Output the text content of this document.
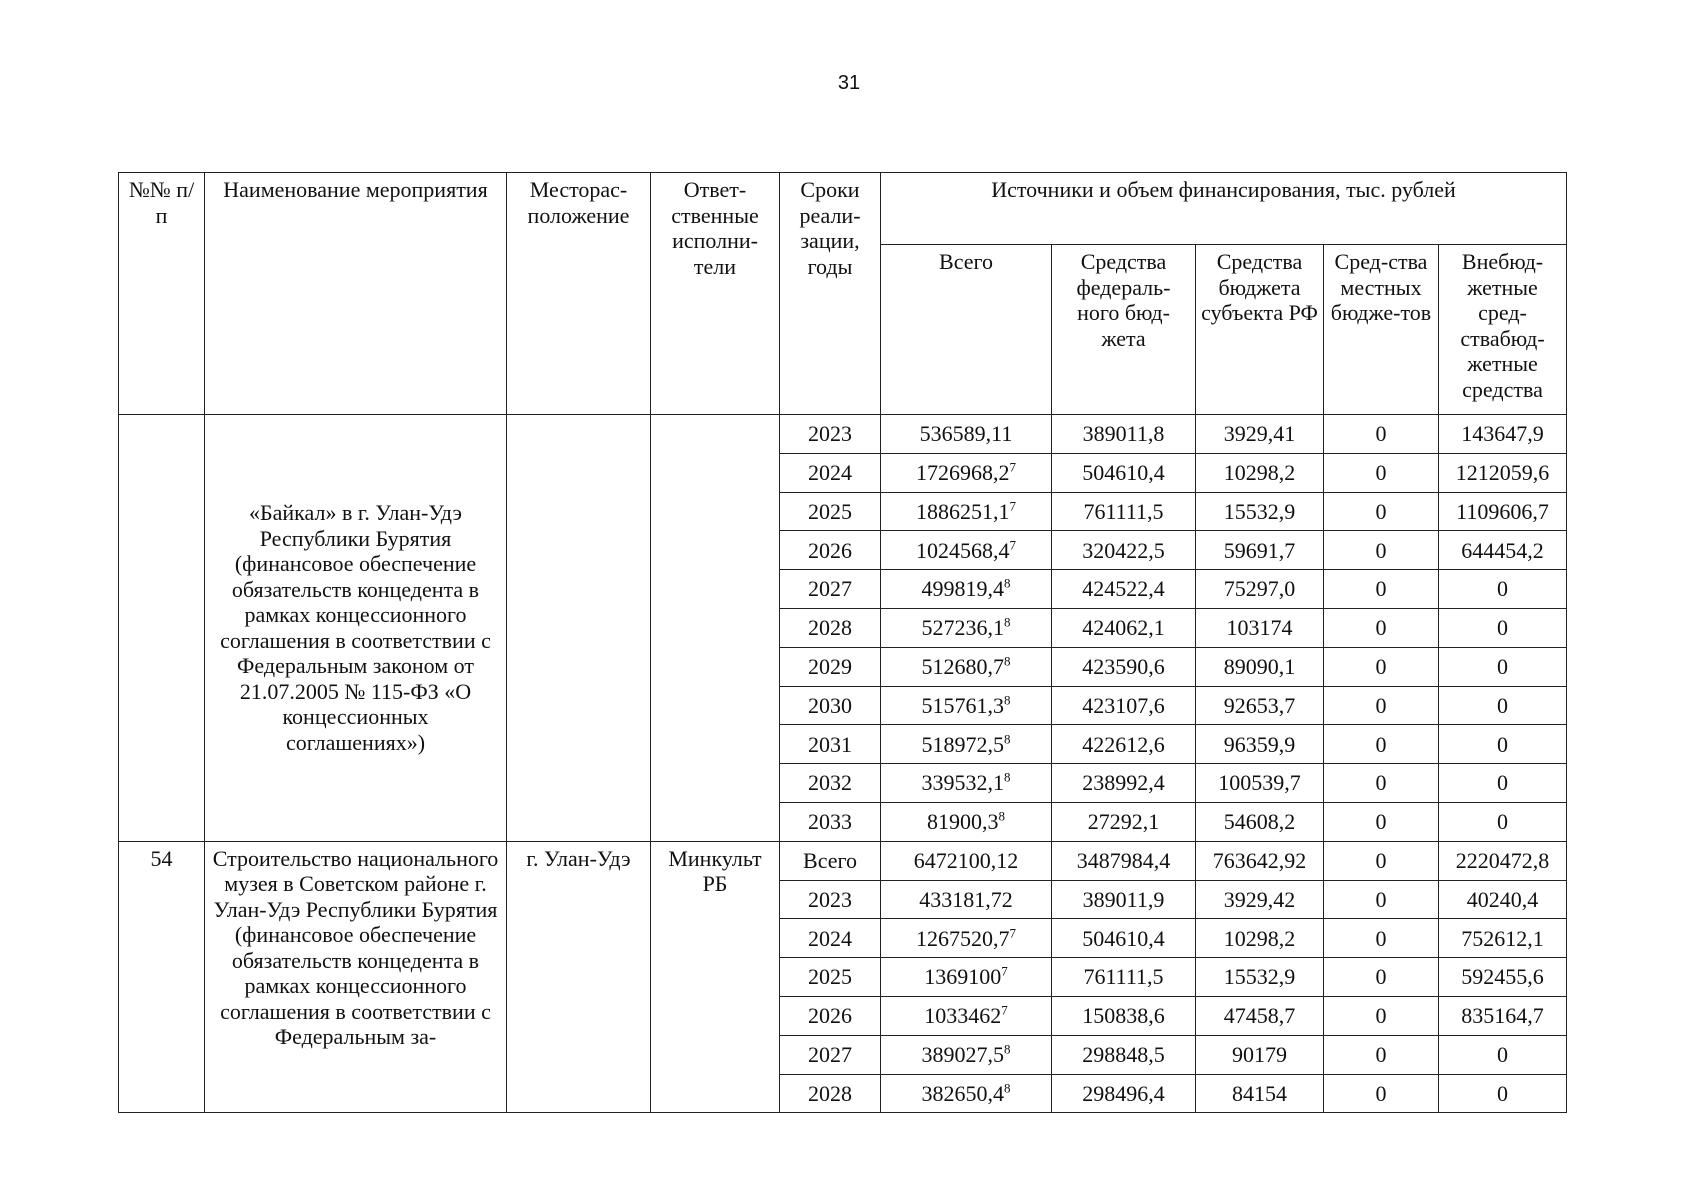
31
№№ п/п	Наименование мероприятия	Месторас-положение	Ответ-ственные исполни-тели	Сроки реали-зации, годы	Источники и объем финансирования, тыс. рублей				
					Всего	Средства федераль-ного бюд-жета	Средства бюджета субъекта РФ	Сред-ства местных бюдже-тов	Внебюд-жетные сред-ствабюд-жетные средства
	«Байкал» в г. Улан-Удэ Республики Бурятия (финансовое обеспечение обязательств концедента в рамках концессионного соглашения в соответствии с Федеральным законом от 21.07.2005 № 115-ФЗ «О концессионных соглашениях»)			2023	536589,11	389011,8	3929,41	0	143647,9
				2024	1726968,2$^7$	504610,4	10298,2	0	1212059,6
				2025	1886251,1$^7$	761111,5	15532,9	0	1109606,7
				2026	1024568,4$^7$	320422,5	59691,7	0	644454,2
				2027	499819,4$^8$	424522,4	75297,0	0	0
				2028	527236,1$^8$	424062,1	103174	0	0
				2029	512680,7$^8$	423590,6	89090,1	0	0
				2030	515761,3$^8$	423107,6	92653,7	0	0
				2031	518972,5$^8$	422612,6	96359,9	0	0
				2032	339532,1$^8$	238992,4	100539,7	0	0
				2033	81900,3$^8$	27292,1	54608,2	0	0
54	Строительство национального музея в Советском районе г. Улан-Удэ Республики Бурятия (финансовое обеспечение обязательств концедента в рамках концессионного соглашения в соответствии с Федеральным за-	г. Улан-Удэ	Минкульт РБ	Всего	6472100,12	3487984,4	763642,92	0	2220472,8
				2023	433181,72	389011,9	3929,42	0	40240,4
				2024	1267520,7$^7$	504610,4	10298,2	0	752612,1
				2025	1369100$^7$	761111,5	15532,9	0	592455,6
				2026	1033462$^7$	150838,6	47458,7	0	835164,7
				2027	389027,5$^8$	298848,5	90179	0	0
				2028	382650,4$^8$	298496,4	84154	0	0
